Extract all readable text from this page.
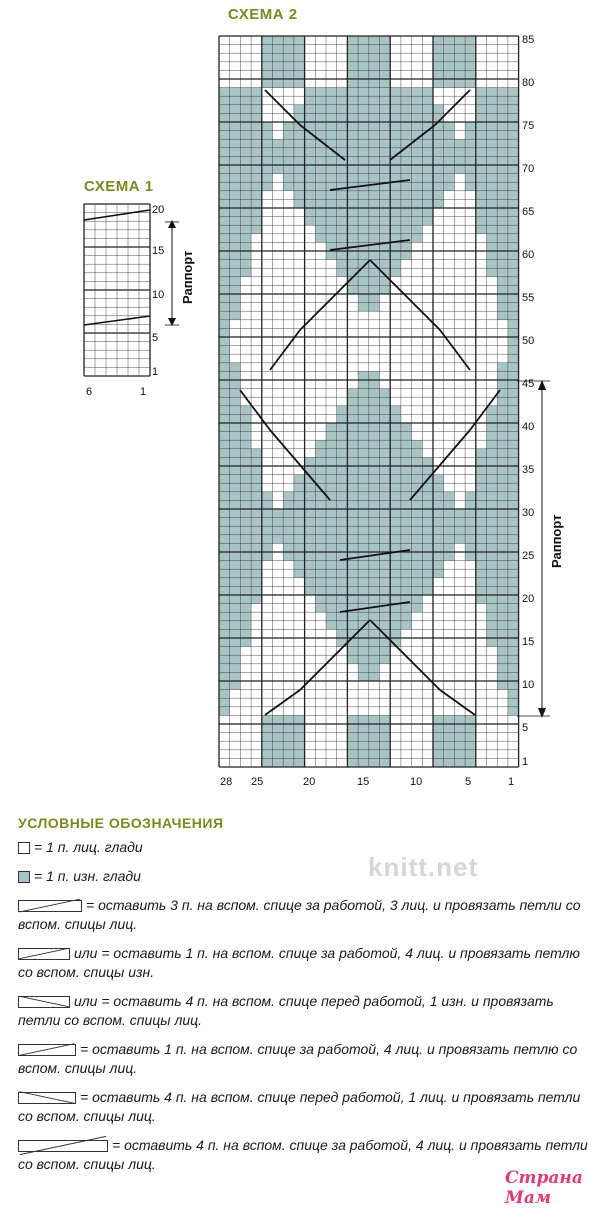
СХЕМА 2
СХЕМА 1
20
15
10
5
1
6	1
Раппорт
85
80
75
70
65
60
55
50
45
40
35
30
25
20
15
10
5
1
28 25	20	15	10	5	1
Раппорт
УСЛОВНЫЕ ОБОЗНАЧЕНИЯ
= 1 п. лиц. глади
= 1 п. изн. глади
= оставить 3 п. на вспом. спице за работой, 3 лиц. и провязать петли со вспом. спицы лиц.
или = оставить 1 п. на вспом. спице за работой, 4 лиц. и провязать петлю со вспом. спицы изн.
или = оставить 4 п. на вспом. спице перед работой, 1 изн. и провязать петли со вспом. спицы лиц.
= оставить 1 п. на вспом. спице за работой, 4 лиц. и провязать петлю со вспом. спицы лиц.
= оставить 4 п. на вспом. спице перед работой, 1 лиц. и провязать петли со вспом. спицы лиц.
= оставить 4 п. на вспом. спице за работой, 4 лиц. и провязать петли со вспом. спицы лиц.
knitt.net
Страна Мам
